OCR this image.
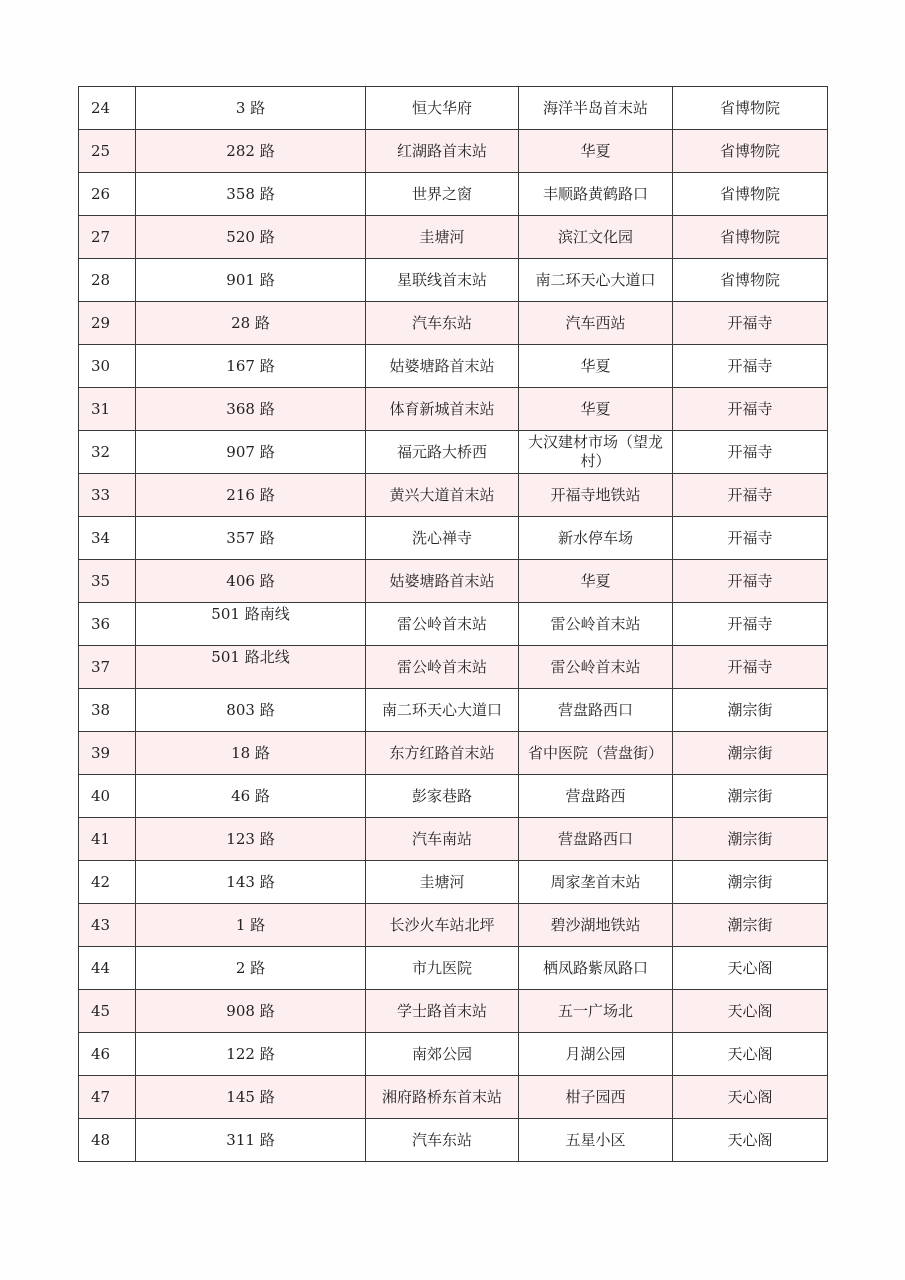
24	3 路	恒大华府	海洋半岛首末站	省博物院
25	282 路	红湖路首末站	华夏	省博物院
26	358 路	世界之窗	丰顺路黄鹤路口	省博物院
27	520 路	圭塘河	滨江文化园	省博物院
28	901 路	星联线首末站	南二环天心大道口	省博物院
29	28 路	汽车东站	汽车西站	开福寺
30	167 路	姑婆塘路首末站	华夏	开福寺
31	368 路	体育新城首末站	华夏	开福寺
32	907 路	福元路大桥西	大汉建材市场（望龙村）	开福寺
33	216 路	黄兴大道首末站	开福寺地铁站	开福寺
34	357 路	洗心禅寺	新水停车场	开福寺
35	406 路	姑婆塘路首末站	华夏	开福寺
36	501 路南线	雷公岭首末站	雷公岭首末站	开福寺
37	501 路北线	雷公岭首末站	雷公岭首末站	开福寺
38	803 路	南二环天心大道口	营盘路西口	潮宗街
39	18 路	东方红路首末站	省中医院（营盘街）	潮宗街
40	46 路	彭家巷路	营盘路西	潮宗街
41	123 路	汽车南站	营盘路西口	潮宗街
42	143 路	圭塘河	周家垄首末站	潮宗街
43	1 路	长沙火车站北坪	碧沙湖地铁站	潮宗街
44	2 路	市九医院	栖凤路紫凤路口	天心阁
45	908 路	学士路首末站	五一广场北	天心阁
46	122 路	南郊公园	月湖公园	天心阁
47	145 路	湘府路桥东首末站	柑子园西	天心阁
48	311 路	汽车东站	五星小区	天心阁
